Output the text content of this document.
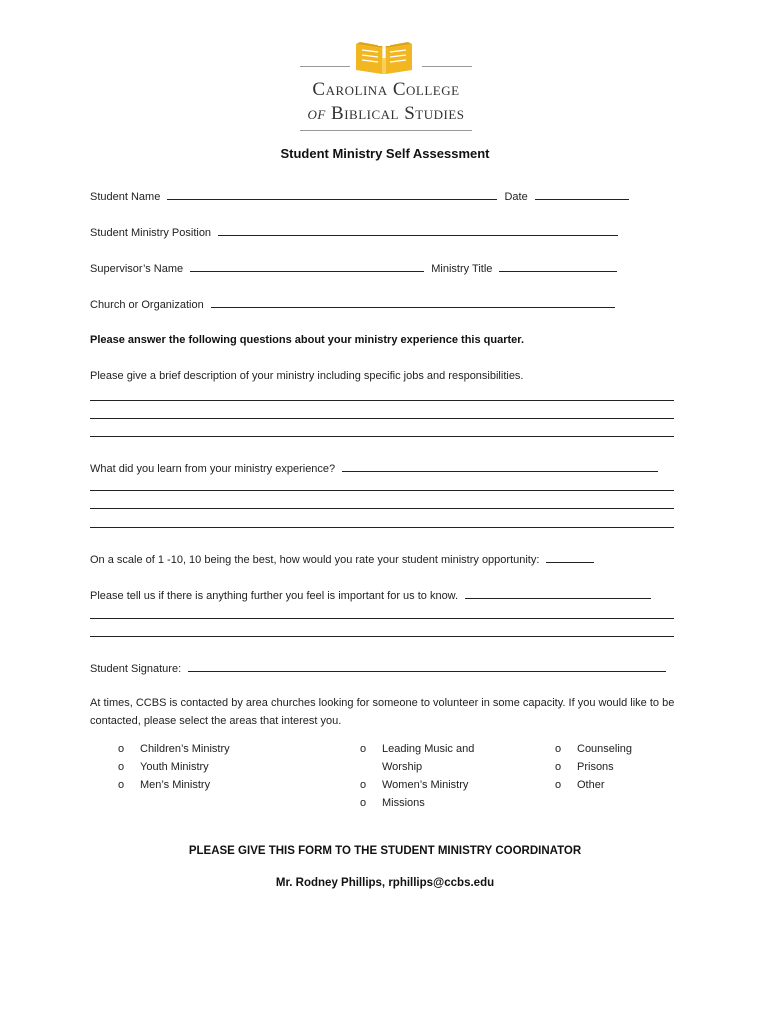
Carolina College
of Biblical Studies
Student Ministry Self Assessment
Student Name	Date
Student Ministry Position
Supervisor’s Name	Ministry Title
Church or Organization
Please answer the following questions about your ministry experience this quarter.
Please give a brief description of your ministry including specific jobs and responsibilities.
What did you learn from your ministry experience?
On a scale of 1 -10, 10 being the best, how would you rate your student ministry opportunity:
Please tell us if there is anything further you feel is important for us to know.
Student Signature:
At times, CCBS is contacted by area churches looking for someone to volunteer in some capacity. If you would like to be contacted, please select the areas that interest you.
o Children’s Ministry
o Youth Ministry
o Men’s Ministry
o Leading Music and
Worship
o Women’s Ministry
o Missions
o Counseling
o Prisons
o Other
PLEASE GIVE THIS FORM TO THE STUDENT MINISTRY COORDINATOR
Mr. Rodney Phillips, rphillips@ccbs.edu
